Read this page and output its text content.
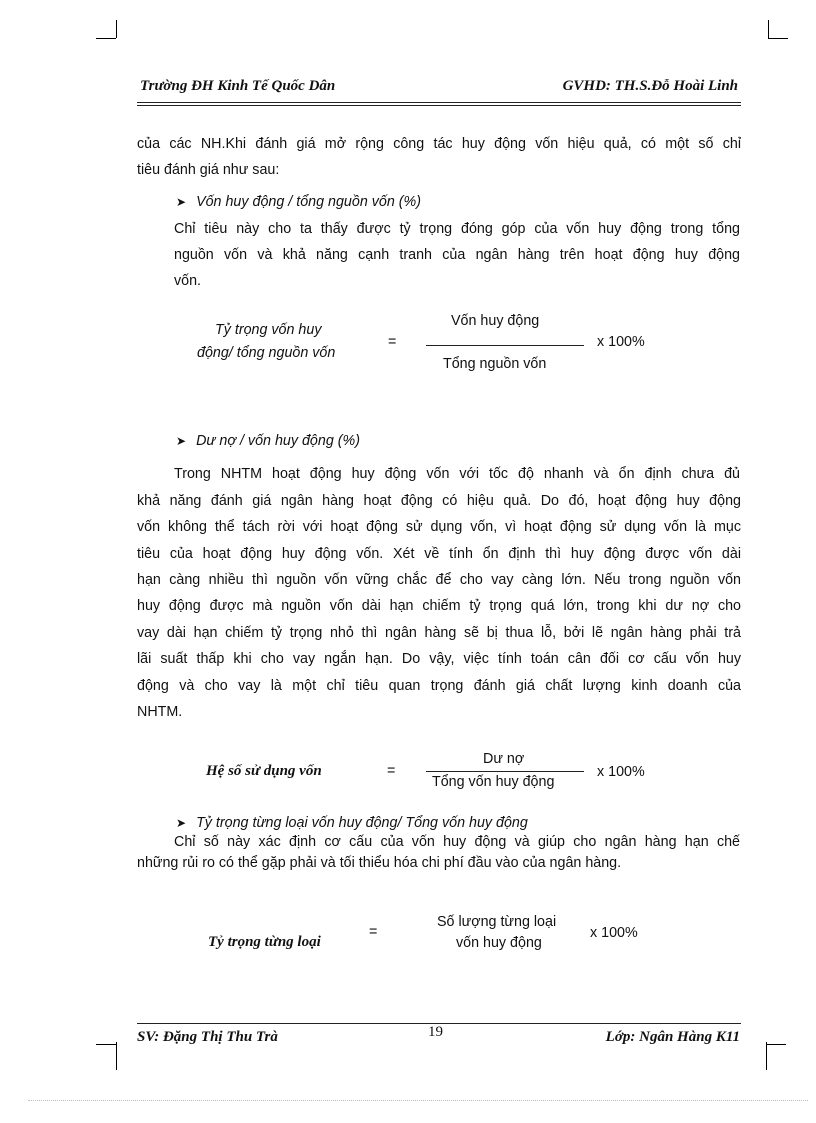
Trường ĐH Kinh Tế Quốc Dân	GVHD: TH.S.Đỗ Hoài Linh
của các NH.Khi đánh giá mở rộng công tác huy động vốn hiệu quả, có một số chỉ
tiêu đánh giá như sau:
➤ Vốn huy động / tổng nguồn vốn (%)
Chỉ tiêu này cho ta thấy được tỷ trọng đóng góp của vốn huy động trong tổng
nguồn vốn và khả năng cạnh tranh của ngân hàng trên hoạt động huy động
vốn.
Tỷ trọng vốn huy
động/ tổng nguồn vốn
=
Vốn huy động
Tổng nguồn vốn
x 100%
➤ Dư nợ / vốn huy động (%)
Trong NHTM hoạt động huy động vốn với tốc độ nhanh và ổn định chưa đủ
khả năng đánh giá ngân hàng hoạt động có hiệu quả. Do đó, hoạt động huy động
vốn không thể tách rời với hoạt động sử dụng vốn, vì hoạt động sử dụng vốn là mục
tiêu của hoạt động huy động vốn. Xét về tính ổn định thì huy động được vốn dài
hạn càng nhiều thì nguồn vốn vững chắc để cho vay càng lớn. Nếu trong nguồn vốn
huy động được mà nguồn vốn dài hạn chiếm tỷ trọng quá lớn, trong khi dư nợ cho
vay dài hạn chiếm tỷ trọng nhỏ thì ngân hàng sẽ bị thua lỗ, bởi lẽ ngân hàng phải trả
lãi suất thấp khi cho vay ngắn hạn. Do vậy, việc tính toán cân đối cơ cấu vốn huy
động và cho vay là một chỉ tiêu quan trọng đánh giá chất lượng kinh doanh của
NHTM.
Hệ số sử dụng vốn	=
Dư nợ
Tổng vốn huy động
x 100%
➤ Tỷ trọng từng loại vốn huy động/ Tổng vốn huy động
Chỉ số này xác định cơ cấu của vốn huy động và giúp cho ngân hàng hạn chế
những rủi ro có thể gặp phải và tối thiểu hóa chi phí đầu vào của ngân hàng.
Tỷ trọng từng loại
=
Số lượng từng loại
vốn huy động
x 100%
SV: Đặng Thị Thu Trà	19	Lớp: Ngân Hàng K11
